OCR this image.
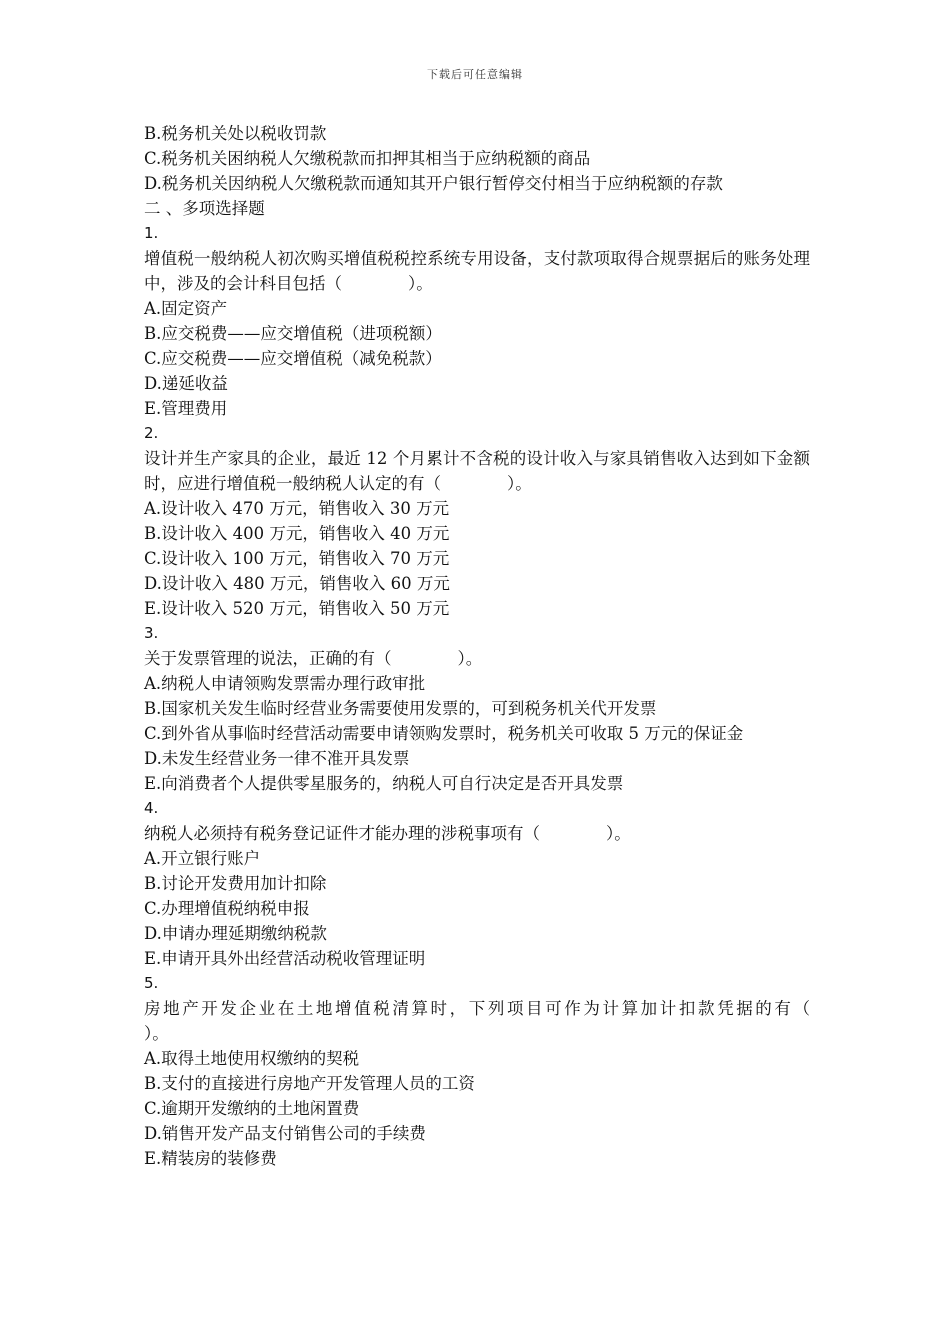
下载后可任意编辑
B.税务机关处以税收罚款
C.税务机关困纳税人欠缴税款而扣押其相当于应纳税额的商品
D.税务机关因纳税人欠缴税款而通知其开户银行暂停交付相当于应纳税额的存款
二 、多项选择题
1.
增值税一般纳税人初次购买增值税税控系统专用设备，支付款项取得合规票据后的账务处理中，涉及的会计科目包括（　　　　）。
A.固定资产
B.应交税费——应交增值税（进项税额）
C.应交税费——应交增值税（减免税款）
D.递延收益
E.管理费用
2.
设计并生产家具的企业，最近 12 个月累计不含税的设计收入与家具销售收入达到如下金额时，应进行增值税一般纳税人认定的有（　　　　）。
A.设计收入 470 万元，销售收入 30 万元
B.设计收入 400 万元，销售收入 40 万元
C.设计收入 100 万元，销售收入 70 万元
D.设计收入 480 万元，销售收入 60 万元
E.设计收入 520 万元，销售收入 50 万元
3.
关于发票管理的说法，正确的有（　　　　）。
A.纳税人申请领购发票需办理行政审批
B.国家机关发生临时经营业务需要使用发票的，可到税务机关代开发票
C.到外省从事临时经营活动需要申请领购发票时，税务机关可收取 5 万元的保证金
D.未发生经营业务一律不准开具发票
E.向消费者个人提供零星服务的，纳税人可自行决定是否开具发票
4.
纳税人必须持有税务登记证件才能办理的涉税事项有（　　　　）。
A.开立银行账户
B.讨论开发费用加计扣除
C.办理增值税纳税申报
D.申请办理延期缴纳税款
E.申请开具外出经营活动税收管理证明
5.
房地产开发企业在土地增值税清算时，下列项目可作为计算加计扣款凭据的有（　　　　）。
A.取得土地使用权缴纳的契税
B.支付的直接进行房地产开发管理人员的工资
C.逾期开发缴纳的土地闲置费
D.销售开发产品支付销售公司的手续费
E.精装房的装修费
